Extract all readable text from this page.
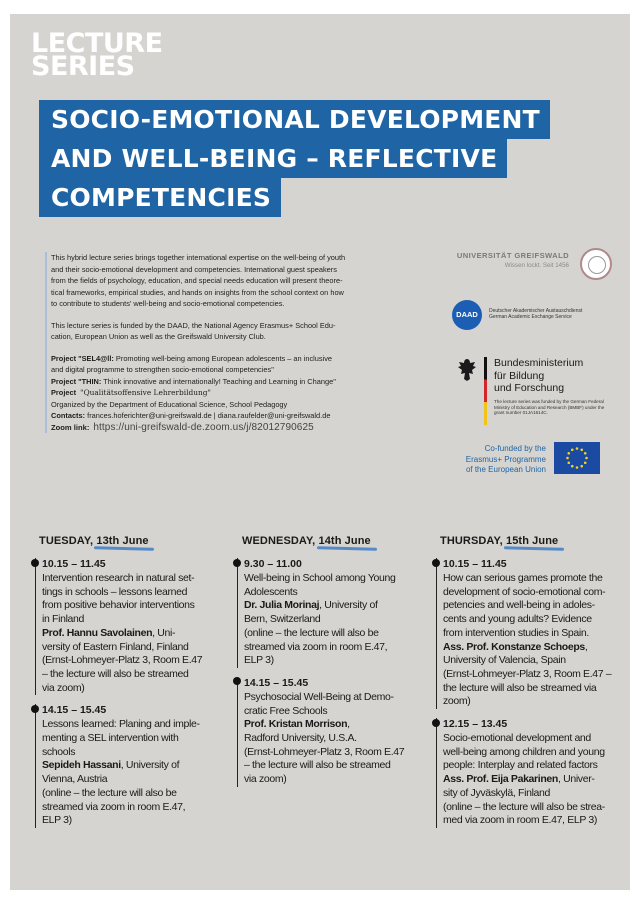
LECTURE
SERIES
SOCIO-EMOTIONAL DEVELOPMENT
AND WELL-BEING – REFLECTIVE
COMPETENCIES

This hybrid lecture series brings together international expertise on the well-being of youth
and their socio-emotional development and competencies. International guest speakers
from the fields of psychology, education, and special needs education will present theore-
tical frameworks, empirical studies, and hands on insights from the school context on how
to contribute to students' well-being and socio-emotional competencies.

This lecture series is funded by the DAAD, the National Agency Erasmus+ School Edu-
cation, European Union as well as the Greifswald University Club.

Project "SEL4@ll: Promoting well-being among European adolescents – an inclusive
and digital programme to strengthen socio-emotional competencies"

Project "THIN: Think innovative and internationally! Teaching and Learning in Change"

Project "Qualitätsoffensive Lehrerbildung"

Organized by the Department of Educational Science, School Pedagogy

Contacts: frances.hoferichter@uni-greifswald.de | diana.raufelder@uni-greifswald.de

Zoom link: https://uni-greifswald-de.zoom.us/j/82012790625

UNIVERSITÄT GREIFSWALD
Wissen lockt. Seit 1456
DAAD	Deutscher Akademischer Austauschdienst
German Academic Exchange Service
Bundesministerium
für Bildung
und Forschung
The lecture series was funded by the German Federal Ministry of Education and Research (BMBF) under the grant number 01JA1614C.
Co-funded by the
Erasmus+ Programme
of the European Union
TUESDAY, 13th June	WEDNESDAY, 14th June	THURSDAY, 15th June
10.15 – 11.45
Intervention research in natural set-
tings in schools – lessons learned
from positive behavior interventions
in Finland
Prof. Hannu Savolainen, Uni-
versity of Eastern Finland, Finland
(Ernst-Lohmeyer-Platz 3, Room E.47
– the lecture will also be streamed
via zoom)
14.15 – 15.45
Lessons learned: Planing and imple-
menting a SEL intervention with
schools
Sepideh Hassani, University of
Vienna, Austria
(online – the lecture will also be
streamed via zoom in room E.47,
ELP 3)
9.30 – 11.00
Well-being in School among Young
Adolescents
Dr. Julia Morinaj, University of
Bern, Switzerland
(online – the lecture will also be
streamed via zoom in room E.47,
ELP 3)
14.15 – 15.45
Psychosocial Well-Being at Demo-
cratic Free Schools
Prof. Kristan Morrison,
Radford University, U.S.A.
(Ernst-Lohmeyer-Platz 3, Room E.47
– the lecture will also be streamed
via zoom)
10.15 – 11.45
How can serious games promote the
development of socio-emotional com-
petencies and well-being in adoles-
cents and young adults? Evidence
from intervention studies in Spain.
Ass. Prof. Konstanze Schoeps,
University of Valencia, Spain
(Ernst-Lohmeyer-Platz 3, Room E.47 –
the lecture will also be streamed via
zoom)
12.15 – 13.45
Socio-emotional development and
well-being among children and young
people: Interplay and related factors
Ass. Prof. Eija Pakarinen, Univer-
sity of Jyväskylä, Finland
(online – the lecture will also be strea-
med via zoom in room E.47, ELP 3)
